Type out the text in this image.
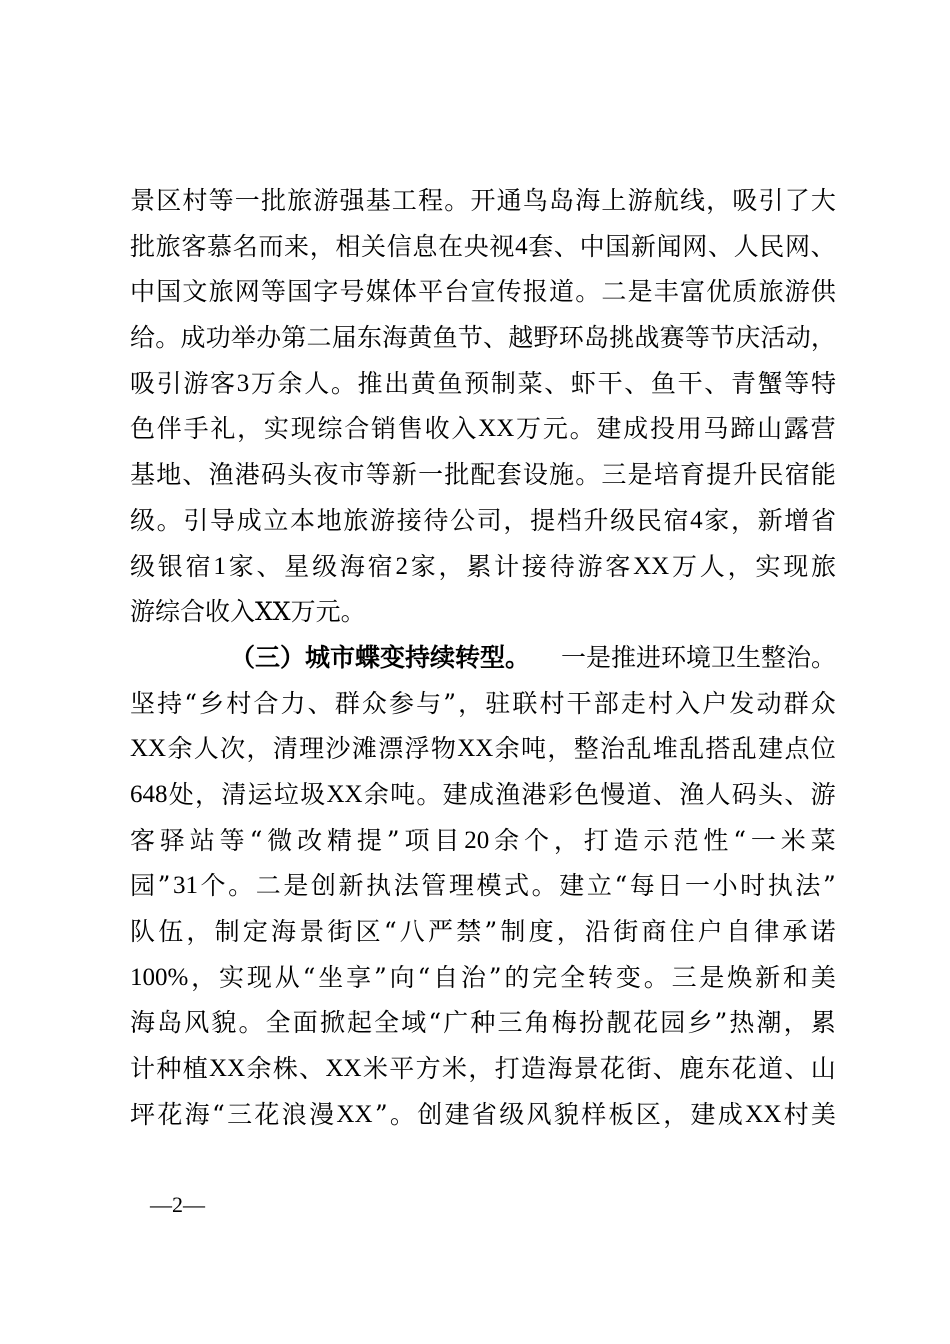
景 区 村 等 一 批 旅 游 强 基 工 程 。 开 通 鸟 岛 海 上 游 航 线 ， 吸 引 了 大
批 旅 客 慕 名 而 来 ， 相 关 信 息 在 央 视 4 套 、 中 国 新 闻 网 、 人 民 网 、
中 国 文 旅 网 等 国 字 号 媒 体 平 台 宣 传 报 道 。 二 是 丰 富 优 质 旅 游 供
给 。 成 功 举 办 第 二 届 东 海 黄 鱼 节 、 越 野 环 岛 挑 战 赛 等 节 庆 活 动 ，
吸 引 游 客 3 万 余 人 。 推 出 黄 鱼 预 制 菜 、 虾 干 、 鱼 干 、 青 蟹 等 特
色 伴 手 礼 ， 实 现 综 合 销 售 收 入 XX 万 元 。 建 成 投 用 马 蹄 山 露 营
基 地 、 渔 港 码 头 夜 市 等 新 一 批 配 套 设 施 。 三 是 培 育 提 升 民 宿 能
级 。 引 导 成 立 本 地 旅 游 接 待 公 司 ， 提 档 升 级 民 宿 4 家 ， 新 增 省
级 银 宿 1 家 、 星 级 海 宿 2 家 ， 累 计 接 待 游 客 XX 万 人 ， 实 现 旅
游综合收入XX万元。
（三）城市蝶变持续转型。 一是推进环境卫生整治。
坚 持 “ 乡 村 合 力 、 群 众 参 与 ” ， 驻 联 村 干 部 走 村 入 户 发 动 群 众
XX 余 人 次 ， 清 理 沙 滩 漂 浮 物 XX 余 吨 ， 整 治 乱 堆 乱 搭 乱 建 点 位
648 处 ， 清 运 垃 圾 XX 余 吨 。 建 成 渔 港 彩 色 慢 道 、 渔 人 码 头 、 游
客 驿 站 等 “ 微 改 精 提 ” 项 目 20 余 个 ， 打 造 示 范 性 “ 一 米 菜
园 ” 31 个 。 二 是 创 新 执 法 管 理 模 式 。 建 立 “ 每 日 一 小 时 执 法 ”
队 伍 ， 制 定 海 景 街 区 “ 八 严 禁 ” 制 度 ， 沿 街 商 住 户 自 律 承 诺
100% ， 实 现 从 “ 坐 享 ” 向 “ 自 治 ” 的 完 全 转 变 。 三 是 焕 新 和 美
海 岛 风 貌 。 全 面 掀 起 全 域 “ 广 种 三 角 梅 扮 靓 花 园 乡 ” 热 潮 ， 累
计 种 植 XX 余 株 、 XX 米 平 方 米 ， 打 造 海 景 花 街 、 鹿 东 花 道 、 山
坪 花 海 “ 三 花 浪 漫 XX ” 。 创 建 省 级 风 貌 样 板 区 ， 建 成 XX 村 美
—2—
